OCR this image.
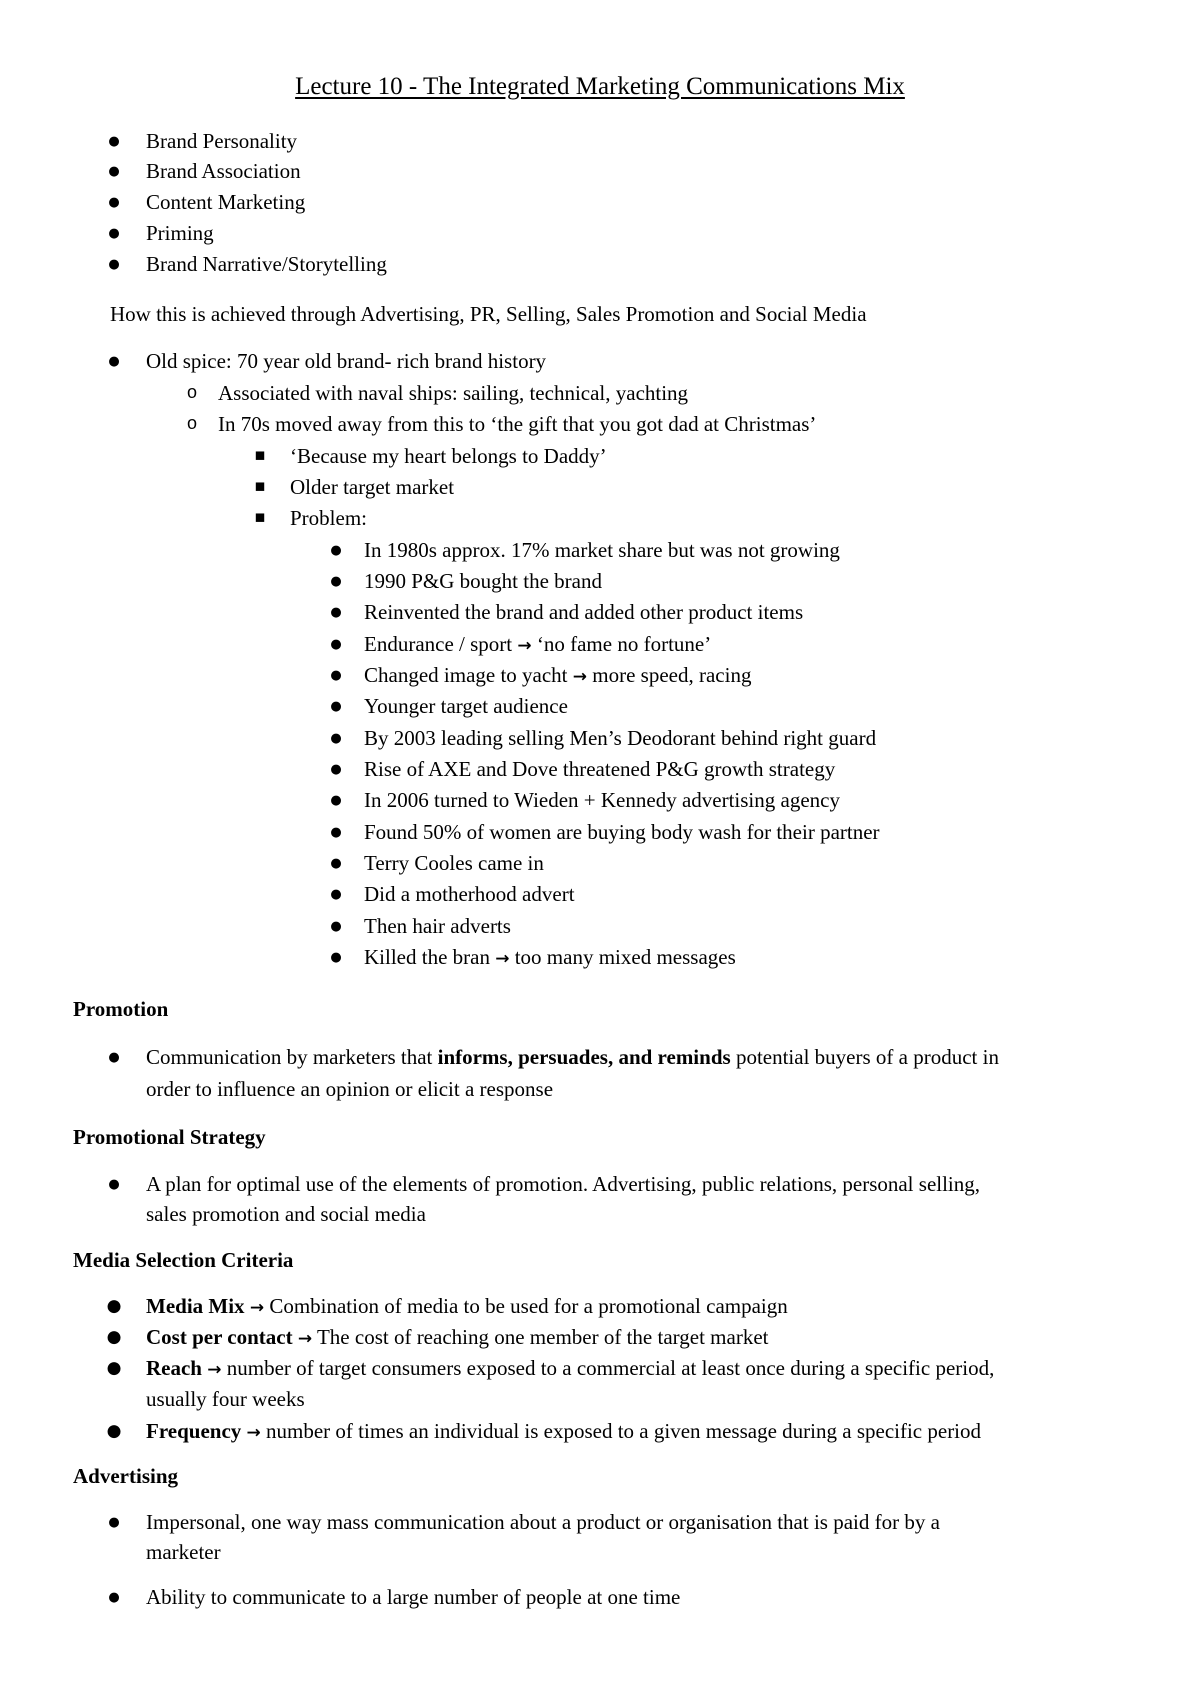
Lecture 10 - The Integrated Marketing Communications Mix
●
Brand Personality
●
Brand Association
●
Content Marketing
●
Priming
●
Brand Narrative/Storytelling
How this is achieved through Advertising, PR, Selling, Sales Promotion and Social Media
●
Old spice: 70 year old brand- rich brand history
o
Associated with naval ships: sailing, technical, yachting
o
In 70s moved away from this to ‘the gift that you got dad at Christmas’
▪
‘Because my heart belongs to Daddy’
▪
Older target market
▪
Problem:
●
In 1980s approx. 17% market share but was not growing
●
1990 P&G bought the brand
●
Reinvented the brand and added other product items
●
Endurance / sport → ‘no fame no fortune’
●
Changed image to yacht → more speed, racing
●
Younger target audience
●
By 2003 leading selling Men’s Deodorant behind right guard
●
Rise of AXE and Dove threatened P&G growth strategy
●
In 2006 turned to Wieden + Kennedy advertising agency
●
Found 50% of women are buying body wash for their partner
●
Terry Cooles came in
●
Did a motherhood advert
●
Then hair adverts
●
Killed the bran → too many mixed messages
Promotion
●
Communication by marketers that informs, persuades, and reminds potential buyers of a product in
order to influence an opinion or elicit a response
Promotional Strategy
●
A plan for optimal use of the elements of promotion. Advertising, public relations, personal selling,
sales promotion and social media
Media Selection Criteria
●
Media Mix → Combination of media to be used for a promotional campaign
●
Cost per contact → The cost of reaching one member of the target market
●
Reach → number of target consumers exposed to a commercial at least once during a specific period,
usually four weeks
●
Frequency → number of times an individual is exposed to a given message during a specific period
Advertising
●
Impersonal, one way mass communication about a product or organisation that is paid for by a
marketer
●
Ability to communicate to a large number of people at one time
